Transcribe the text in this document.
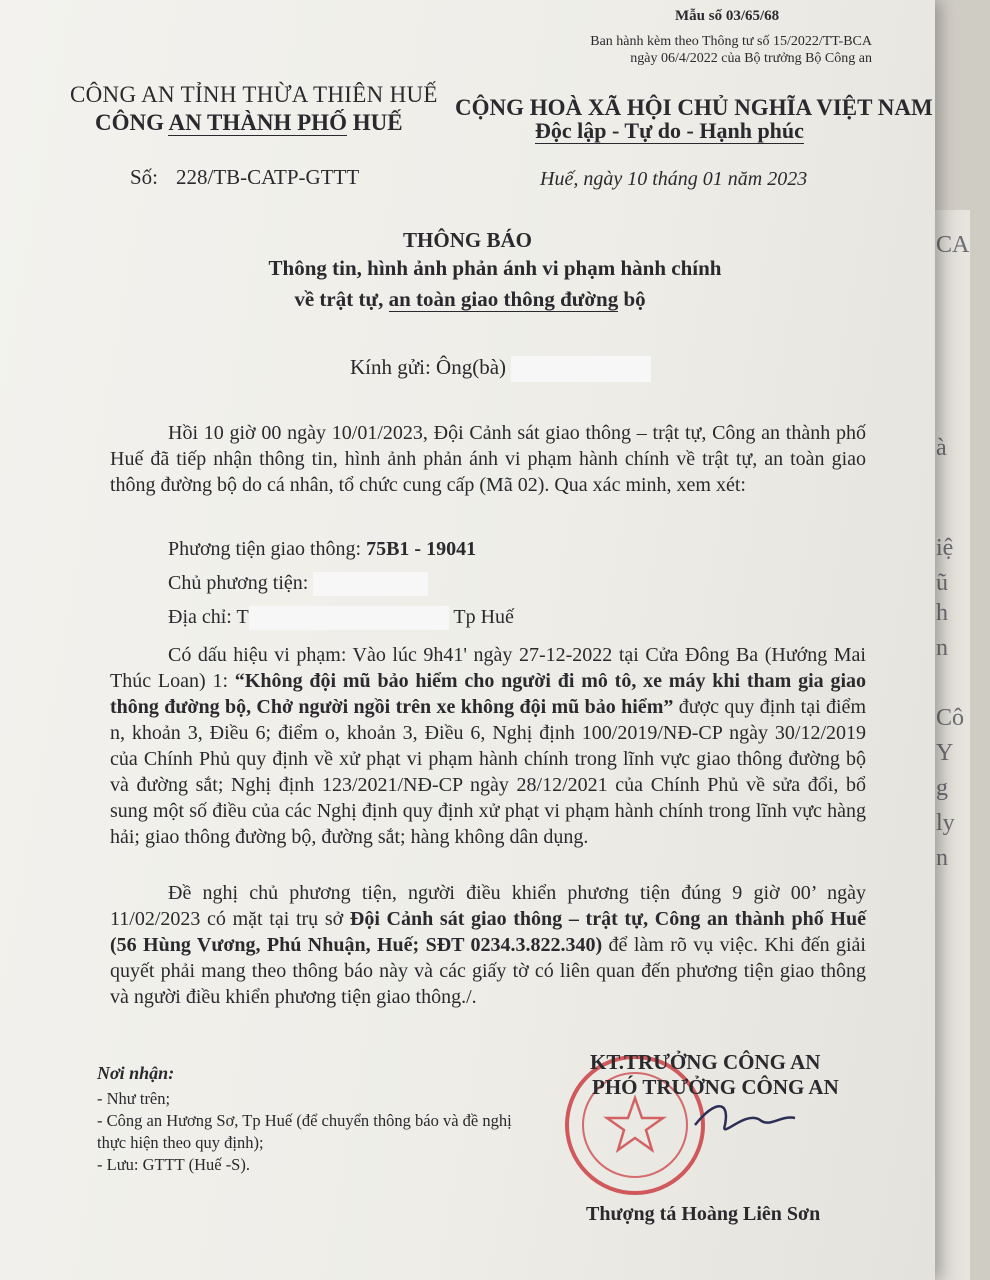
CA
à
iệ
ũ
h
n
Cô
Y
g
ly
n
Mẫu số 03/65/68
Ban hành kèm theo Thông tư số 15/2022/TT-BCA
ngày 06/4/2022 của Bộ trưởng Bộ Công an
CÔNG AN TỈNH THỪA THIÊN HUẾ
CÔNG AN THÀNH PHỐ HUẾ
CỘNG HOÀ XÃ HỘI CHỦ NGHĨA VIỆT NAM
Độc lập - Tự do - Hạnh phúc
Số: 228/TB-CATP-GTTT	Huế, ngày 10 tháng 01 năm 2023
THÔNG BÁO
Thông tin, hình ảnh phản ánh vi phạm hành chính
về trật tự, an toàn giao thông đường bộ
Kính gửi: Ông(bà)
Hồi 10 giờ 00 ngày 10/01/2023, Đội Cảnh sát giao thông – trật tự, Công an thành phố Huế đã tiếp nhận thông tin, hình ảnh phản ánh vi phạm hành chính về trật tự, an toàn giao thông đường bộ do cá nhân, tổ chức cung cấp (Mã 02). Qua xác minh, xem xét:
Phương tiện giao thông: 75B1 - 19041
Chủ phương tiện:
Địa chỉ: T	Tp Huế
Có dấu hiệu vi phạm: Vào lúc 9h41' ngày 27-12-2022 tại Cửa Đông Ba (Hướng Mai Thúc Loan) 1: “Không đội mũ bảo hiểm cho người đi mô tô, xe máy khi tham gia giao thông đường bộ, Chở người ngồi trên xe không đội mũ bảo hiểm” được quy định tại điểm n, khoản 3, Điều 6; điểm o, khoản 3, Điều 6, Nghị định 100/2019/NĐ-CP ngày 30/12/2019 của Chính Phủ quy định về xử phạt vi phạm hành chính trong lĩnh vực giao thông đường bộ và đường sắt; Nghị định 123/2021/NĐ-CP ngày 28/12/2021 của Chính Phủ về sửa đổi, bổ sung một số điều của các Nghị định quy định xử phạt vi phạm hành chính trong lĩnh vực hàng hải; giao thông đường bộ, đường sắt; hàng không dân dụng.
Đề nghị chủ phương tiện, người điều khiển phương tiện đúng 9 giờ 00’ ngày 11/02/2023 có mặt tại trụ sở Đội Cảnh sát giao thông – trật tự, Công an thành phố Huế (56 Hùng Vương, Phú Nhuận, Huế; SĐT 0234.3.822.340) để làm rõ vụ việc. Khi đến giải quyết phải mang theo thông báo này và các giấy tờ có liên quan đến phương tiện giao thông và người điều khiển phương tiện giao thông./.
Nơi nhận:
- Như trên;
- Công an Hương Sơ, Tp Huế (để chuyển thông báo và đề nghị thực hiện theo quy định);
- Lưu: GTTT (Huế -S).
KT.TRƯỞNG CÔNG AN
PHÓ TRƯỞNG CÔNG AN
Thượng tá Hoàng Liên Sơn
